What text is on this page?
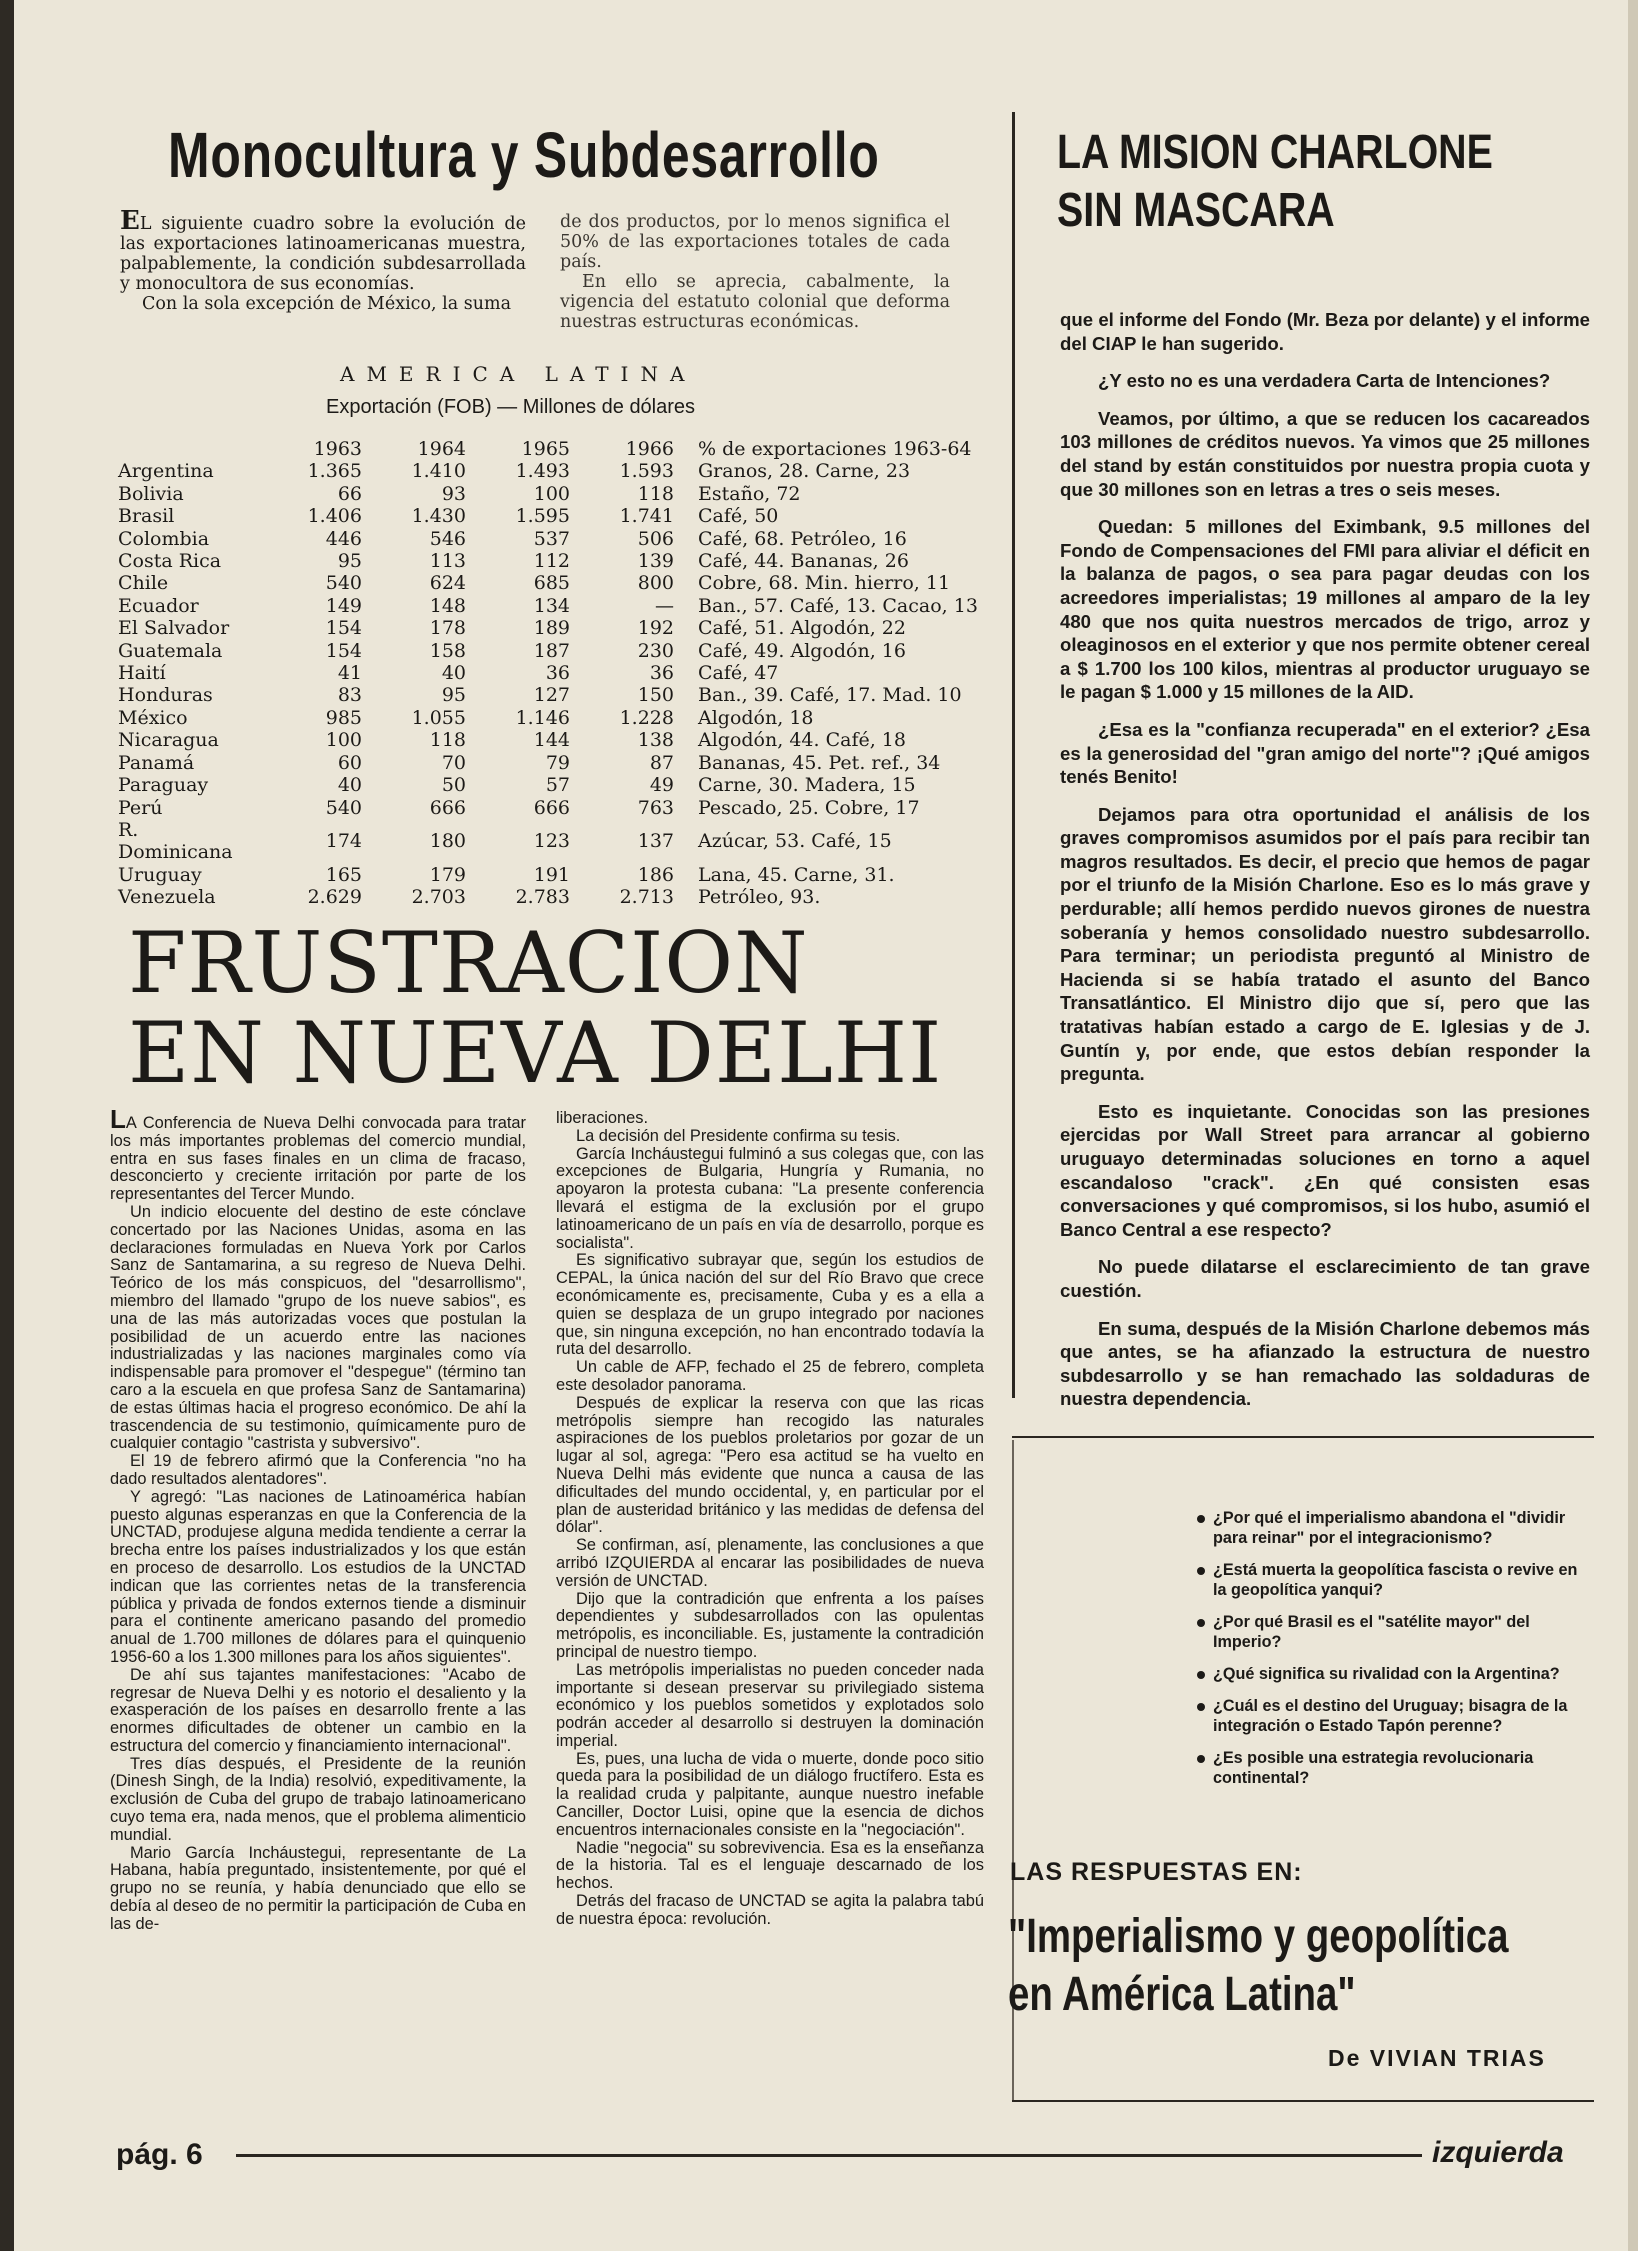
Monocultura y Subdesarrollo

EL siguiente cuadro sobre la evolución de las exportaciones latinoamericanas muestra, palpablemente, la condición subdesarrollada y monocultora de sus economías.

Con la sola excepción de México, la suma

de dos productos, por lo menos significa el 50% de las exportaciones totales de cada país.

En ello se aprecia, cabalmente, la vigencia del estatuto colonial que deforma nuestras estructuras económicas.

AMERICA LATINA
Exportación (FOB) — Millones de dólares
	1963	1964	1965	1966	% de exportaciones 1963-64
Argentina	1.365	1.410	1.493	1.593	Granos, 28. Carne, 23
Bolivia	66	93	100	118	Estaño, 72
Brasil	1.406	1.430	1.595	1.741	Café, 50
Colombia	446	546	537	506	Café, 68. Petróleo, 16
Costa Rica	95	113	112	139	Café, 44. Bananas, 26
Chile	540	624	685	800	Cobre, 68. Min. hierro, 11
Ecuador	149	148	134	—	Ban., 57. Café, 13. Cacao, 13
El Salvador	154	178	189	192	Café, 51. Algodón, 22
Guatemala	154	158	187	230	Café, 49. Algodón, 16
Haití	41	40	36	36	Café, 47
Honduras	83	95	127	150	Ban., 39. Café, 17. Mad. 10
México	985	1.055	1.146	1.228	Algodón, 18
Nicaragua	100	118	144	138	Algodón, 44. Café, 18
Panamá	60	70	79	87	Bananas, 45. Pet. ref., 34
Paraguay	40	50	57	49	Carne, 30. Madera, 15
Perú	540	666	666	763	Pescado, 25. Cobre, 17
R. Dominicana	174	180	123	137	Azúcar, 53. Café, 15
Uruguay	165	179	191	186	Lana, 45. Carne, 31.
Venezuela	2.629	2.703	2.783	2.713	Petróleo, 93.
FRUSTRACION
EN NUEVA DELHI

LA Conferencia de Nueva Delhi convocada para tratar los más importantes problemas del comercio mundial, entra en sus fases finales en un clima de fracaso, desconcierto y creciente irritación por parte de los representantes del Tercer Mundo.

Un indicio elocuente del destino de este cónclave concertado por las Naciones Unidas, asoma en las declaraciones formuladas en Nueva York por Carlos Sanz de Santamarina, a su regreso de Nueva Delhi. Teórico de los más conspicuos, del "desarrollismo", miembro del llamado "grupo de los nueve sabios", es una de las más autorizadas voces que postulan la posibilidad de un acuerdo entre las naciones industrializadas y las naciones marginales como vía indispensable para promover el "despegue" (término tan caro a la escuela en que profesa Sanz de Santamarina) de estas últimas hacia el progreso económico. De ahí la trascendencia de su testimonio, químicamente puro de cualquier contagio "castrista y subversivo".

El 19 de febrero afirmó que la Conferencia "no ha dado resultados alentadores".

Y agregó: "Las naciones de Latinoamérica habían puesto algunas esperanzas en que la Conferencia de la UNCTAD, produjese alguna medida tendiente a cerrar la brecha entre los países industrializados y los que están en proceso de desarrollo. Los estudios de la UNCTAD indican que las corrientes netas de la transferencia pública y privada de fondos externos tiende a disminuir para el continente americano pasando del promedio anual de 1.700 millones de dólares para el quinquenio 1956-60 a los 1.300 millones para los años siguientes".

De ahí sus tajantes manifestaciones: "Acabo de regresar de Nueva Delhi y es notorio el desaliento y la exasperación de los países en desarrollo frente a las enormes dificultades de obtener un cambio en la estructura del comercio y financiamiento internacional".

Tres días después, el Presidente de la reunión (Dinesh Singh, de la India) resolvió, expeditivamente, la exclusión de Cuba del grupo de trabajo latinoamericano cuyo tema era, nada menos, que el problema alimenticio mundial.

Mario García Incháustegui, representante de La Habana, había preguntado, insistentemente, por qué el grupo no se reunía, y había denunciado que ello se debía al deseo de no permitir la participación de Cuba en las de-

liberaciones.

La decisión del Presidente confirma su tesis.

García Incháustegui fulminó a sus colegas que, con las excepciones de Bulgaria, Hungría y Rumania, no apoyaron la protesta cubana: "La presente conferencia llevará el estigma de la exclusión por el grupo latinoamericano de un país en vía de desarrollo, porque es socialista".

Es significativo subrayar que, según los estudios de CEPAL, la única nación del sur del Río Bravo que crece económicamente es, precisamente, Cuba y es a ella a quien se desplaza de un grupo integrado por naciones que, sin ninguna excepción, no han encontrado todavía la ruta del desarrollo.

Un cable de AFP, fechado el 25 de febrero, completa este desolador panorama.

Después de explicar la reserva con que las ricas metrópolis siempre han recogido las naturales aspiraciones de los pueblos proletarios por gozar de un lugar al sol, agrega: "Pero esa actitud se ha vuelto en Nueva Delhi más evidente que nunca a causa de las dificultades del mundo occidental, y, en particular por el plan de austeridad británico y las medidas de defensa del dólar".

Se confirman, así, plenamente, las conclusiones a que arribó IZQUIERDA al encarar las posibilidades de nueva versión de UNCTAD.

Dijo que la contradición que enfrenta a los países dependientes y subdesarrollados con las opulentas metrópolis, es inconciliable. Es, justamente la contradición principal de nuestro tiempo.

Las metrópolis imperialistas no pueden conceder nada importante si desean preservar su privilegiado sistema económico y los pueblos sometidos y explotados solo podrán acceder al desarrollo si destruyen la dominación imperial.

Es, pues, una lucha de vida o muerte, donde poco sitio queda para la posibilidad de un diálogo fructífero. Esta es la realidad cruda y palpitante, aunque nuestro inefable Canciller, Doctor Luisi, opine que la esencia de dichos encuentros internacionales consiste en la "negociación".

Nadie "negocia" su sobrevivencia. Esa es la enseñanza de la historia. Tal es el lenguaje descarnado de los hechos.

Detrás del fracaso de UNCTAD se agita la palabra tabú de nuestra época: revolución.

LA MISION CHARLONE
SIN MASCARA

que el informe del Fondo (Mr. Beza por delante) y el informe del CIAP le han sugerido.

¿Y esto no es una verdadera Carta de Intenciones?

Veamos, por último, a que se reducen los cacareados 103 millones de créditos nuevos. Ya vimos que 25 millones del stand by están constituidos por nuestra propia cuota y que 30 millones son en letras a tres o seis meses.

Quedan: 5 millones del Eximbank, 9.5 millones del Fondo de Compensaciones del FMI para aliviar el déficit en la balanza de pagos, o sea para pagar deudas con los acreedores imperialistas; 19 millones al amparo de la ley 480 que nos quita nuestros mercados de trigo, arroz y oleaginosos en el exterior y que nos permite obtener cereal a $ 1.700 los 100 kilos, mientras al productor uruguayo se le pagan $ 1.000 y 15 millones de la AID.

¿Esa es la "confianza recuperada" en el exterior? ¿Esa es la generosidad del "gran amigo del norte"? ¡Qué amigos tenés Benito!

Dejamos para otra oportunidad el análisis de los graves compromisos asumidos por el país para recibir tan magros resultados. Es decir, el precio que hemos de pagar por el triunfo de la Misión Charlone. Eso es lo más grave y perdurable; allí hemos perdido nuevos girones de nuestra soberanía y hemos consolidado nuestro subdesarrollo. Para terminar; un periodista preguntó al Ministro de Hacienda si se había tratado el asunto del Banco Transatlántico. El Ministro dijo que sí, pero que las tratativas habían estado a cargo de E. Iglesias y de J. Guntín y, por ende, que estos debían responder la pregunta.

Esto es inquietante. Conocidas son las presiones ejercidas por Wall Street para arrancar al gobierno uruguayo determinadas soluciones en torno a aquel escandaloso "crack". ¿En qué consisten esas conversaciones y qué compromisos, si los hubo, asumió el Banco Central a ese respecto?

No puede dilatarse el esclarecimiento de tan grave cuestión.

En suma, después de la Misión Charlone debemos más que antes, se ha afianzado la estructura de nuestro subdesarrollo y se han remachado las soldaduras de nuestra dependencia.

¿Por qué el imperialismo abandona el "dividir para reinar" por el integracionismo?
¿Está muerta la geopolítica fascista o revive en la geopolítica yanqui?
¿Por qué Brasil es el "satélite mayor" del Imperio?
¿Qué significa su rivalidad con la Argentina?
¿Cuál es el destino del Uruguay; bisagra de la integración o Estado Tapón perenne?
¿Es posible una estrategia revolucionaria continental?
LAS RESPUESTAS EN:
"Imperialismo y geopolítica
en América Latina"
De VIVIAN TRIAS
pág. 6	izquierda
